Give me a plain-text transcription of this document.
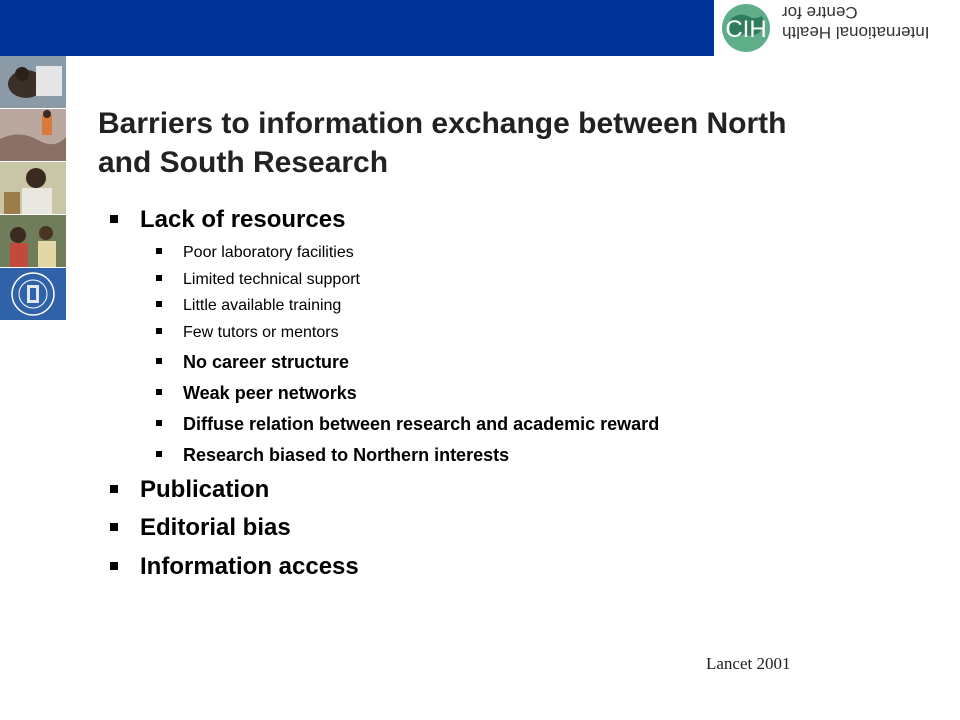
CIH International Health
Centre for
Barriers to information exchange between North
and South Research
Lack of resources
Poor laboratory facilities
Limited technical support
Little available training
Few tutors or mentors
No career structure
Weak peer networks
Diffuse relation between research and academic reward
Research biased to Northern interests
Publication
Editorial bias
Information access
Lancet 2001
